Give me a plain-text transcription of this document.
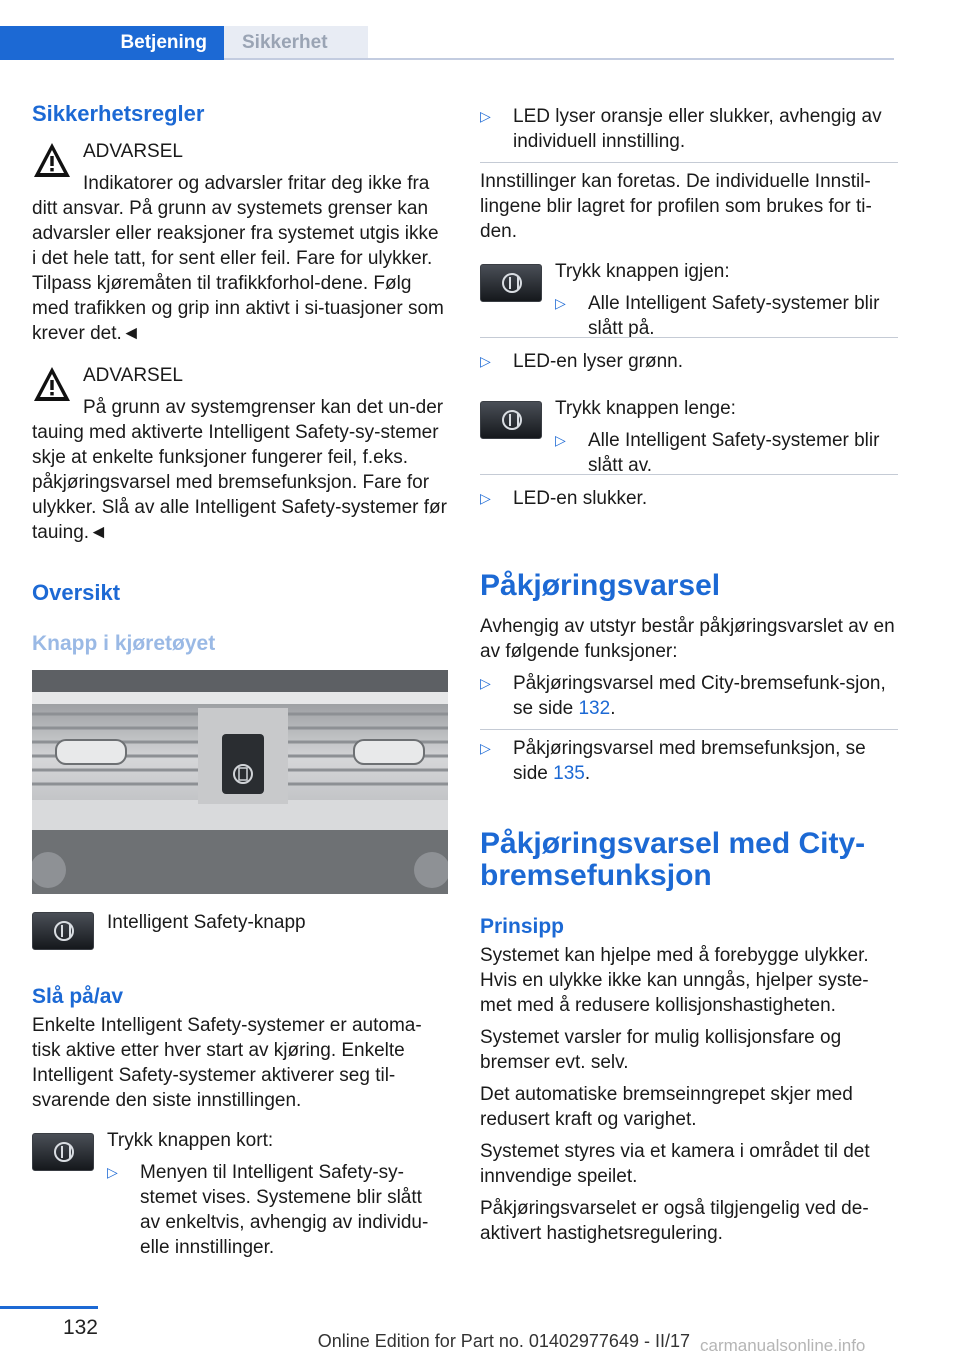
Betjening	Sikkerhet
Sikkerhetsregler
ADVARSEL
Indikatorer og advarsler fritar deg ikke fra ditt ansvar. På grunn av systemets grenser kan advarsler eller reaksjoner fra systemet utgis ikke i det hele tatt, for sent eller feil. Fare for ulykker. Tilpass kjøremåten til trafikkforhol-dene. Følg med trafikken og grip inn aktivt i si-tuasjoner som krever det.◄
ADVARSEL
På grunn av systemgrenser kan det un-der tauing med aktiverte Intelligent Safety-sy-stemer skje at enkelte funksjoner fungerer feil, f.eks. påkjøringsvarsel med bremsefunksjon. Fare for ulykker. Slå av alle Intelligent Safety-systemer før tauing.◄
Oversikt
Knapp i kjøretøyet
Intelligent Safety-knapp
Slå på/av
Enkelte Intelligent Safety-systemer er automa-tisk aktive etter hver start av kjøring. Enkelte Intelligent Safety-systemer aktiverer seg til-svarende den siste innstillingen.
Trykk knappen kort:
▷ Menyen til Intelligent Safety-sy-stemet vises. Systemene blir slått av enkeltvis, avhengig av individu-elle innstillinger.
▷ LED lyser oransje eller slukker, avhengig av individuell innstilling.
Innstillinger kan foretas. De individuelle Innstil-lingene blir lagret for profilen som brukes for ti-den.
Trykk knappen igjen:
▷ Alle Intelligent Safety-systemer blir slått på.
▷ LED-en lyser grønn.
Trykk knappen lenge:
▷ Alle Intelligent Safety-systemer blir slått av.
▷ LED-en slukker.
Påkjøringsvarsel
Avhengig av utstyr består påkjøringsvarslet av en av følgende funksjoner:
▷ Påkjøringsvarsel med City-bremsefunk-sjon, se side 132.
▷ Påkjøringsvarsel med bremsefunksjon, se side 135.
Påkjøringsvarsel med City-bremsefunksjon
Prinsipp
Systemet kan hjelpe med å forebygge ulykker. Hvis en ulykke ikke kan unngås, hjelper syste-met med å redusere kollisjonshastigheten.
Systemet varsler for mulig kollisjonsfare og bremser evt. selv.
Det automatiske bremseinngrepet skjer med redusert kraft og varighet.
Systemet styres via et kamera i området til det innvendige speilet.
Påkjøringsvarselet er også tilgjengelig ved de-aktivert hastighetsregulering.
132
Online Edition for Part no. 01402977649 - II/17 carmanualsonline.info
